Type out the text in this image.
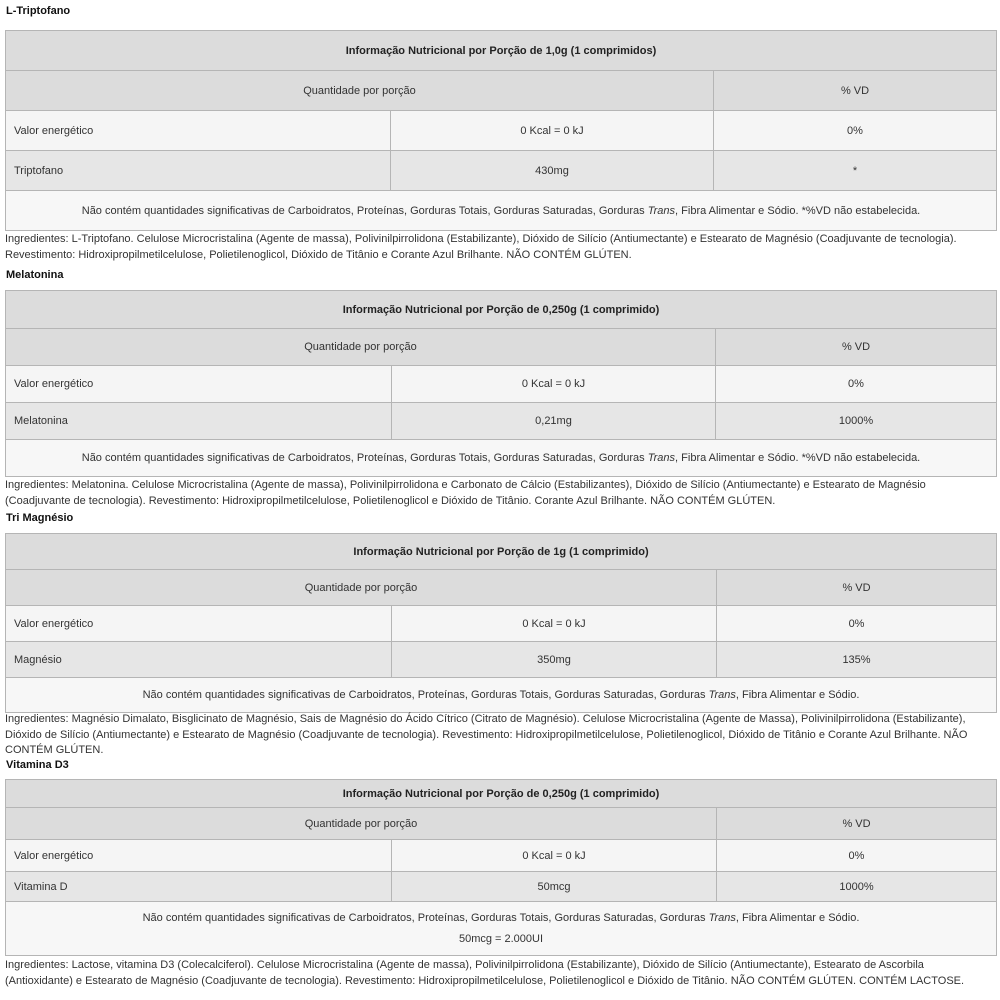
L-Triptofano
Informação Nutricional por Porção de 1,0g (1 comprimidos)		
Quantidade por porção		% VD
Valor energético	0 Kcal = 0 kJ	0%
Triptofano	430mg	*
Não contém quantidades significativas de Carboidratos, Proteínas, Gorduras Totais, Gorduras Saturadas, Gorduras Trans, Fibra Alimentar e Sódio. *%VD não estabelecida.		

Ingredientes: L-Triptofano. Celulose Microcristalina (Agente de massa), Polivinilpirrolidona (Estabilizante), Dióxido de Silício (Antiumectante) e Estearato de Magnésio (Coadjuvante de tecnologia). Revestimento: Hidroxipropilmetilcelulose, Polietilenoglicol, Dióxido de Titânio e Corante Azul Brilhante. NÃO CONTÉM GLÚTEN.

Melatonina
Informação Nutricional por Porção de 0,250g (1 comprimido)		
Quantidade por porção		% VD
Valor energético	0 Kcal = 0 kJ	0%
Melatonina	0,21mg	1000%
Não contém quantidades significativas de Carboidratos, Proteínas, Gorduras Totais, Gorduras Saturadas, Gorduras Trans, Fibra Alimentar e Sódio. *%VD não estabelecida.		

Ingredientes: Melatonina. Celulose Microcristalina (Agente de massa), Polivinilpirrolidona e Carbonato de Cálcio (Estabilizantes), Dióxido de Silício (Antiumectante) e Estearato de Magnésio (Coadjuvante de tecnologia). Revestimento: Hidroxipropilmetilcelulose, Polietilenoglicol e Dióxido de Titânio. Corante Azul Brilhante. NÃO CONTÉM GLÚTEN.

Tri Magnésio
Informação Nutricional por Porção de 1g (1 comprimido)		
Quantidade por porção		% VD
Valor energético	0 Kcal = 0 kJ	0%
Magnésio	350mg	135%
Não contém quantidades significativas de Carboidratos, Proteínas, Gorduras Totais, Gorduras Saturadas, Gorduras Trans, Fibra Alimentar e Sódio.		

Ingredientes: Magnésio Dimalato, Bisglicinato de Magnésio, Sais de Magnésio do Ácido Cítrico (Citrato de Magnésio). Celulose Microcristalina (Agente de Massa), Polivinilpirrolidona (Estabilizante), Dióxido de Silício (Antiumectante) e Estearato de Magnésio (Coadjuvante de tecnologia). Revestimento: Hidroxipropilmetilcelulose, Polietilenoglicol, Dióxido de Titânio e Corante Azul Brilhante. NÃO CONTÉM GLÚTEN.

Vitamina D3
Informação Nutricional por Porção de 0,250g (1 comprimido)		
Quantidade por porção		% VD
Valor energético	0 Kcal = 0 kJ	0%
Vitamina D	50mcg	1000%

Não contém quantidades significativas de Carboidratos, Proteínas, Gorduras Totais, Gorduras Saturadas, Gorduras Trans, Fibra Alimentar e Sódio.
50mcg = 2.000UI		

Ingredientes: Lactose, vitamina D3 (Colecalciferol). Celulose Microcristalina (Agente de massa), Polivinilpirrolidona (Estabilizante), Dióxido de Silício (Antiumectante), Estearato de Ascorbila (Antioxidante) e Estearato de Magnésio (Coadjuvante de tecnologia). Revestimento: Hidroxipropilmetilcelulose, Polietilenoglicol e Dióxido de Titânio. NÃO CONTÉM GLÚTEN. CONTÉM LACTOSE.
